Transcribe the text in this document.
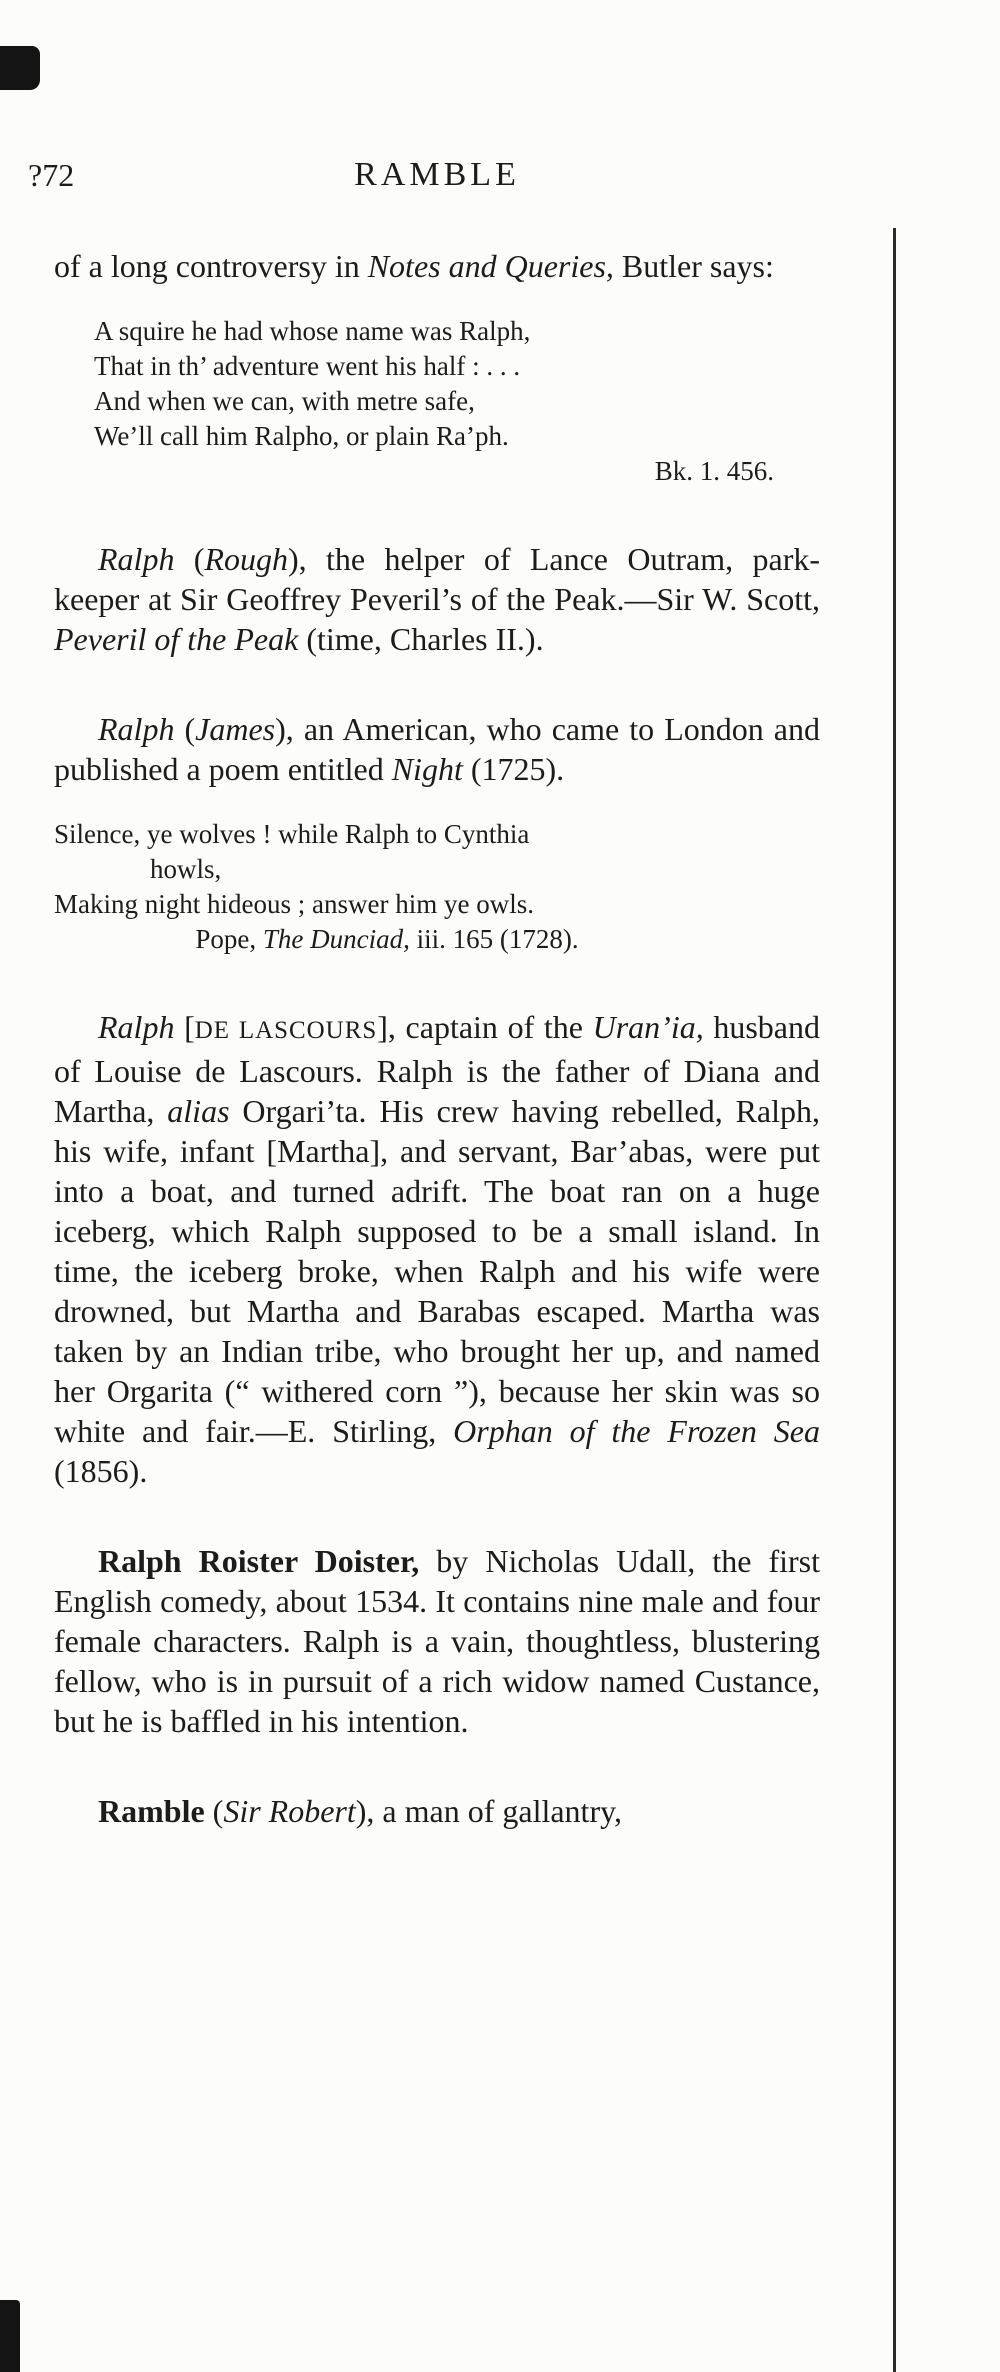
?72	RAMBLE

of a long controversy in Notes and Queries, Butler says:

A squire he had whose name was Ralph,
That in th’ adventure went his half : . . .
And when we can, with metre safe,
We’ll call him Ralpho, or plain Ra’ph.
Bk. 1. 456.

Ralph (Rough), the helper of Lance Outram, park-keeper at Sir Geoffrey Peveril’s of the Peak.—Sir W. Scott, Peveril of the Peak (time, Charles II.).

Ralph (James), an American, who came to London and published a poem entitled Night (1725).

Silence, ye wolves ! while Ralph to Cynthia
howls,
Making night hideous ; answer him ye owls.
Pope, The Dunciad, iii. 165 (1728).

Ralph [DE LASCOURS], captain of the Uran’ia, husband of Louise de Lascours. Ralph is the father of Diana and Martha, alias Orgari’ta. His crew having rebelled, Ralph, his wife, infant [Martha], and servant, Bar’abas, were put into a boat, and turned adrift. The boat ran on a huge iceberg, which Ralph supposed to be a small island. In time, the iceberg broke, when Ralph and his wife were drowned, but Martha and Barabas escaped. Martha was taken by an Indian tribe, who brought her up, and named her Orgarita (“ withered corn ”), because her skin was so white and fair.—E. Stirling, Orphan of the Frozen Sea (1856).

Ralph Roister Doister, by Nicholas Udall, the first English comedy, about 1534. It contains nine male and four female characters. Ralph is a vain, thoughtless, blustering fellow, who is in pursuit of a rich widow named Custance, but he is baffled in his intention.

Ramble (Sir Robert), a man of gallantry,
